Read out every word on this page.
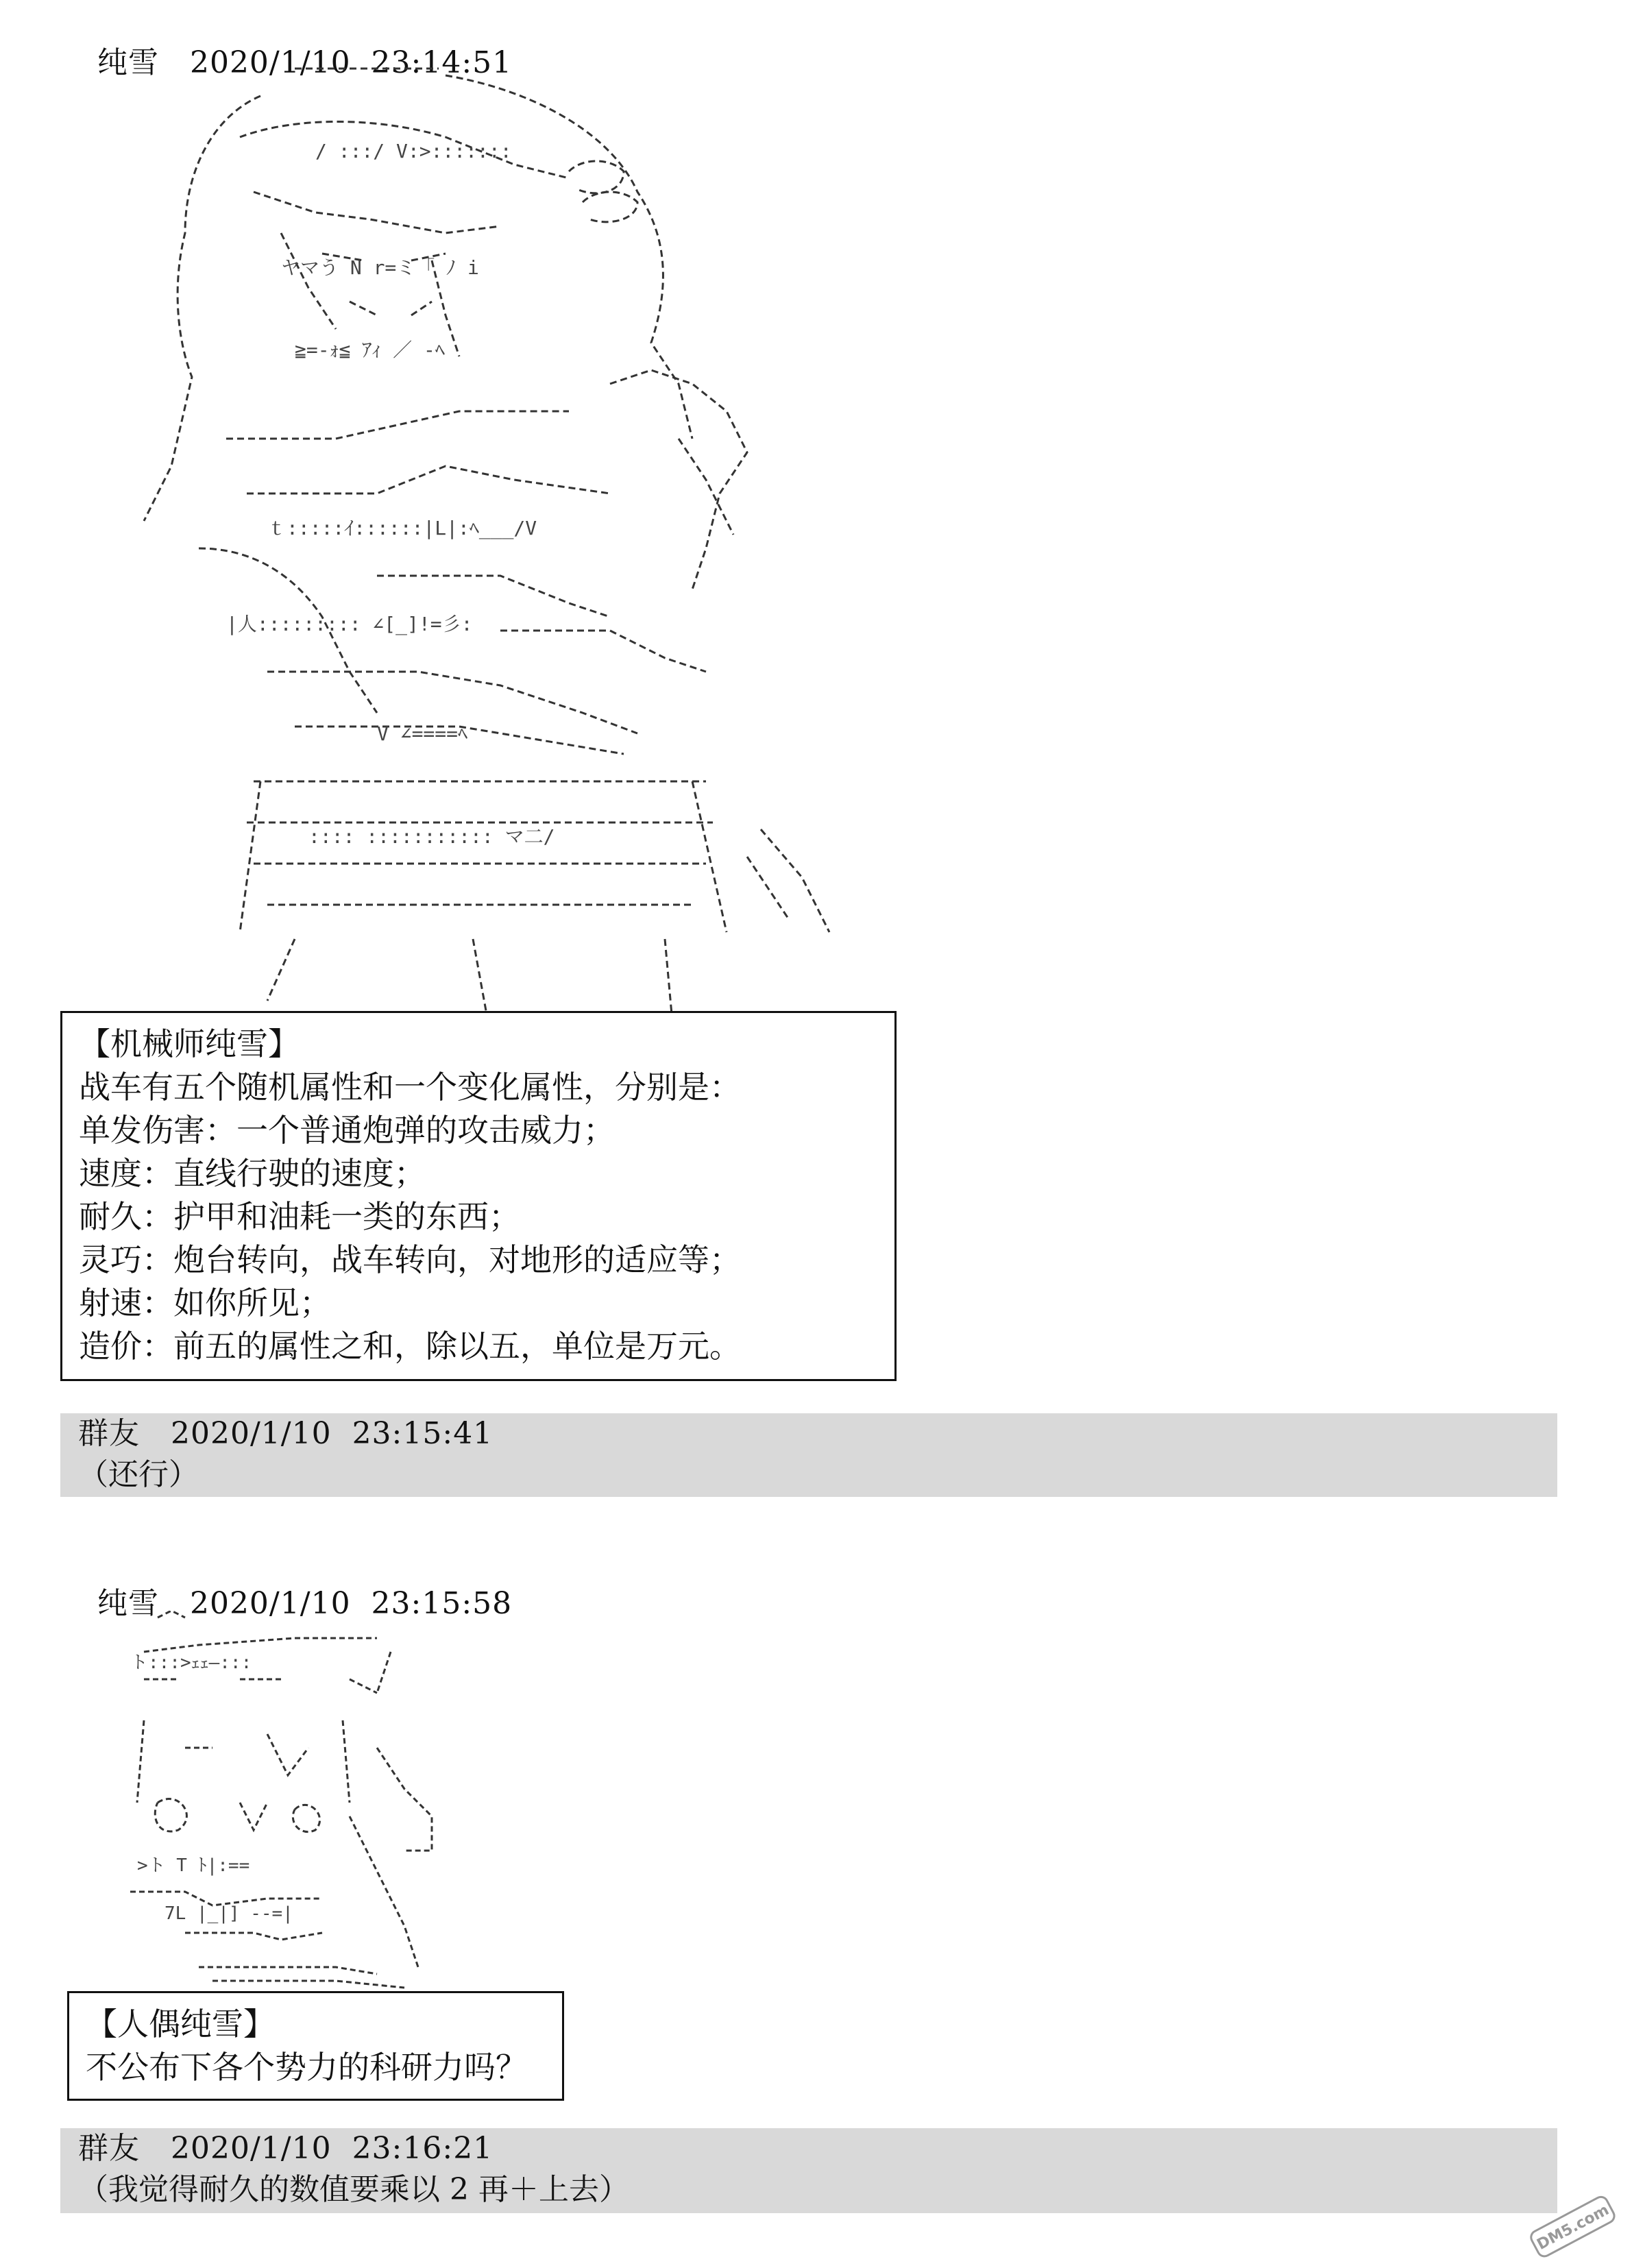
纯雪 2020/1/10 23:14:51

/ :::/ V:>:::::::
ヤマう N r=ミ「 ﾉ i
≧=-ｫ≦ ｱｨ ／ -ﾍ
ｔ:::::ｲ::::::|L|:ﾍ___/V
|人::::::::: ∠[_]!=彡:
V ∠====ﾍ
:::: ::::::::::: マ二/
【机械师纯雪】
战车有五个随机属性和一个变化属性，分别是：
单发伤害：一个普通炮弹的攻击威力；
速度：直线行驶的速度；
耐久：护甲和油耗一类的东西；
灵巧：炮台转向，战车转向，对地形的适应等；
射速：如你所见；
造价：前五的属性之和，除以五，单位是万元。
群友 2020/1/10 23:15:41
（还行）

纯雪 2020/1/10 23:15:58

ト:::>ｪｪ—:::
>ト T ﾄ|:==
7L |_|] --=|
【人偶纯雪】
不公布下各个势力的科研力吗？
群友 2020/1/10 23:16:21
（我觉得耐久的数值要乘以 2 再＋上去）
DM5.com
